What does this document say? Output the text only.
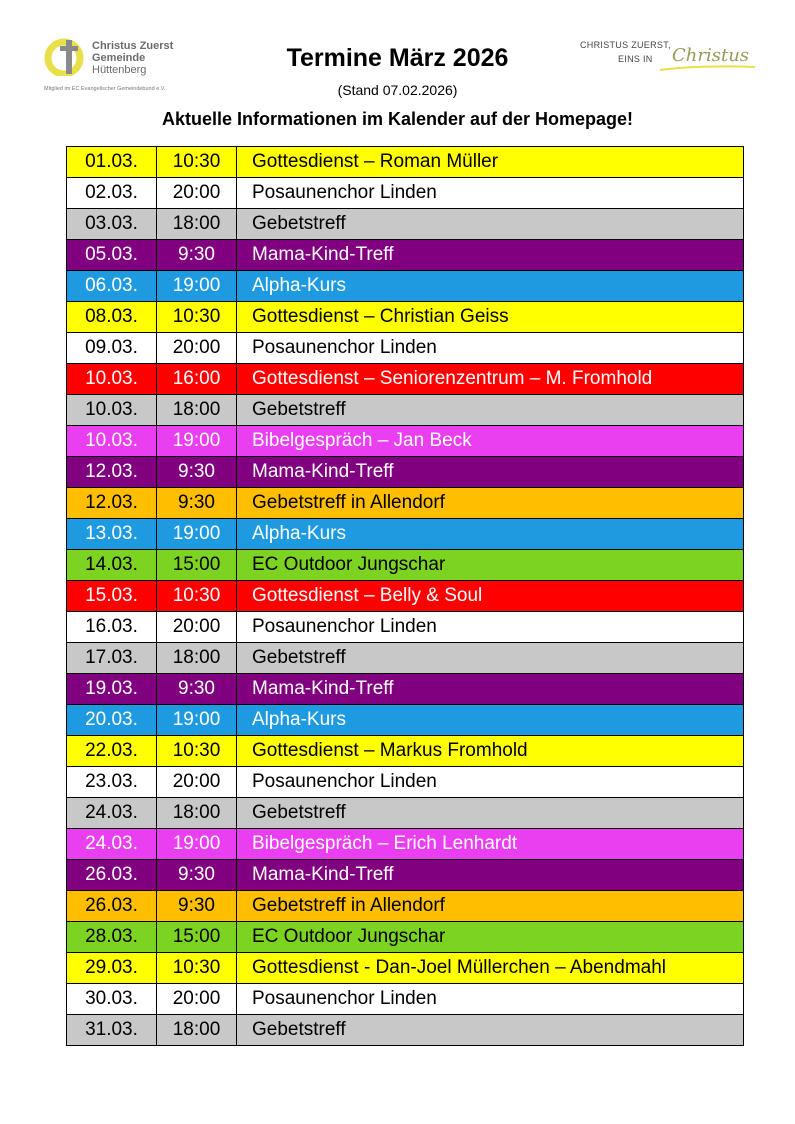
Christus Zuerst
Gemeinde
Hüttenberg
Mitglied im EC Evangelischer Gemeindebund e.V.
CHRISTUS ZUERST,
EINS IN Christus
Termine März 2026
(Stand 07.02.2026)
Aktuelle Informationen im Kalender auf der Homepage!
01.03.	10:30	Gottesdienst – Roman Müller
02.03.	20:00	Posaunenchor Linden
03.03.	18:00	Gebetstreff
05.03.	9:30	Mama-Kind-Treff
06.03.	19:00	Alpha-Kurs
08.03.	10:30	Gottesdienst – Christian Geiss
09.03.	20:00	Posaunenchor Linden
10.03.	16:00	Gottesdienst – Seniorenzentrum – M. Fromhold
10.03.	18:00	Gebetstreff
10.03.	19:00	Bibelgespräch – Jan Beck
12.03.	9:30	Mama-Kind-Treff
12.03.	9:30	Gebetstreff in Allendorf
13.03.	19:00	Alpha-Kurs
14.03.	15:00	EC Outdoor Jungschar
15.03.	10:30	Gottesdienst – Belly & Soul
16.03.	20:00	Posaunenchor Linden
17.03.	18:00	Gebetstreff
19.03.	9:30	Mama-Kind-Treff
20.03.	19:00	Alpha-Kurs
22.03.	10:30	Gottesdienst – Markus Fromhold
23.03.	20:00	Posaunenchor Linden
24.03.	18:00	Gebetstreff
24.03.	19:00	Bibelgespräch – Erich Lenhardt
26.03.	9:30	Mama-Kind-Treff
26.03.	9:30	Gebetstreff in Allendorf
28.03.	15:00	EC Outdoor Jungschar
29.03.	10:30	Gottesdienst - Dan-Joel Müllerchen – Abendmahl
30.03.	20:00	Posaunenchor Linden
31.03.	18:00	Gebetstreff
